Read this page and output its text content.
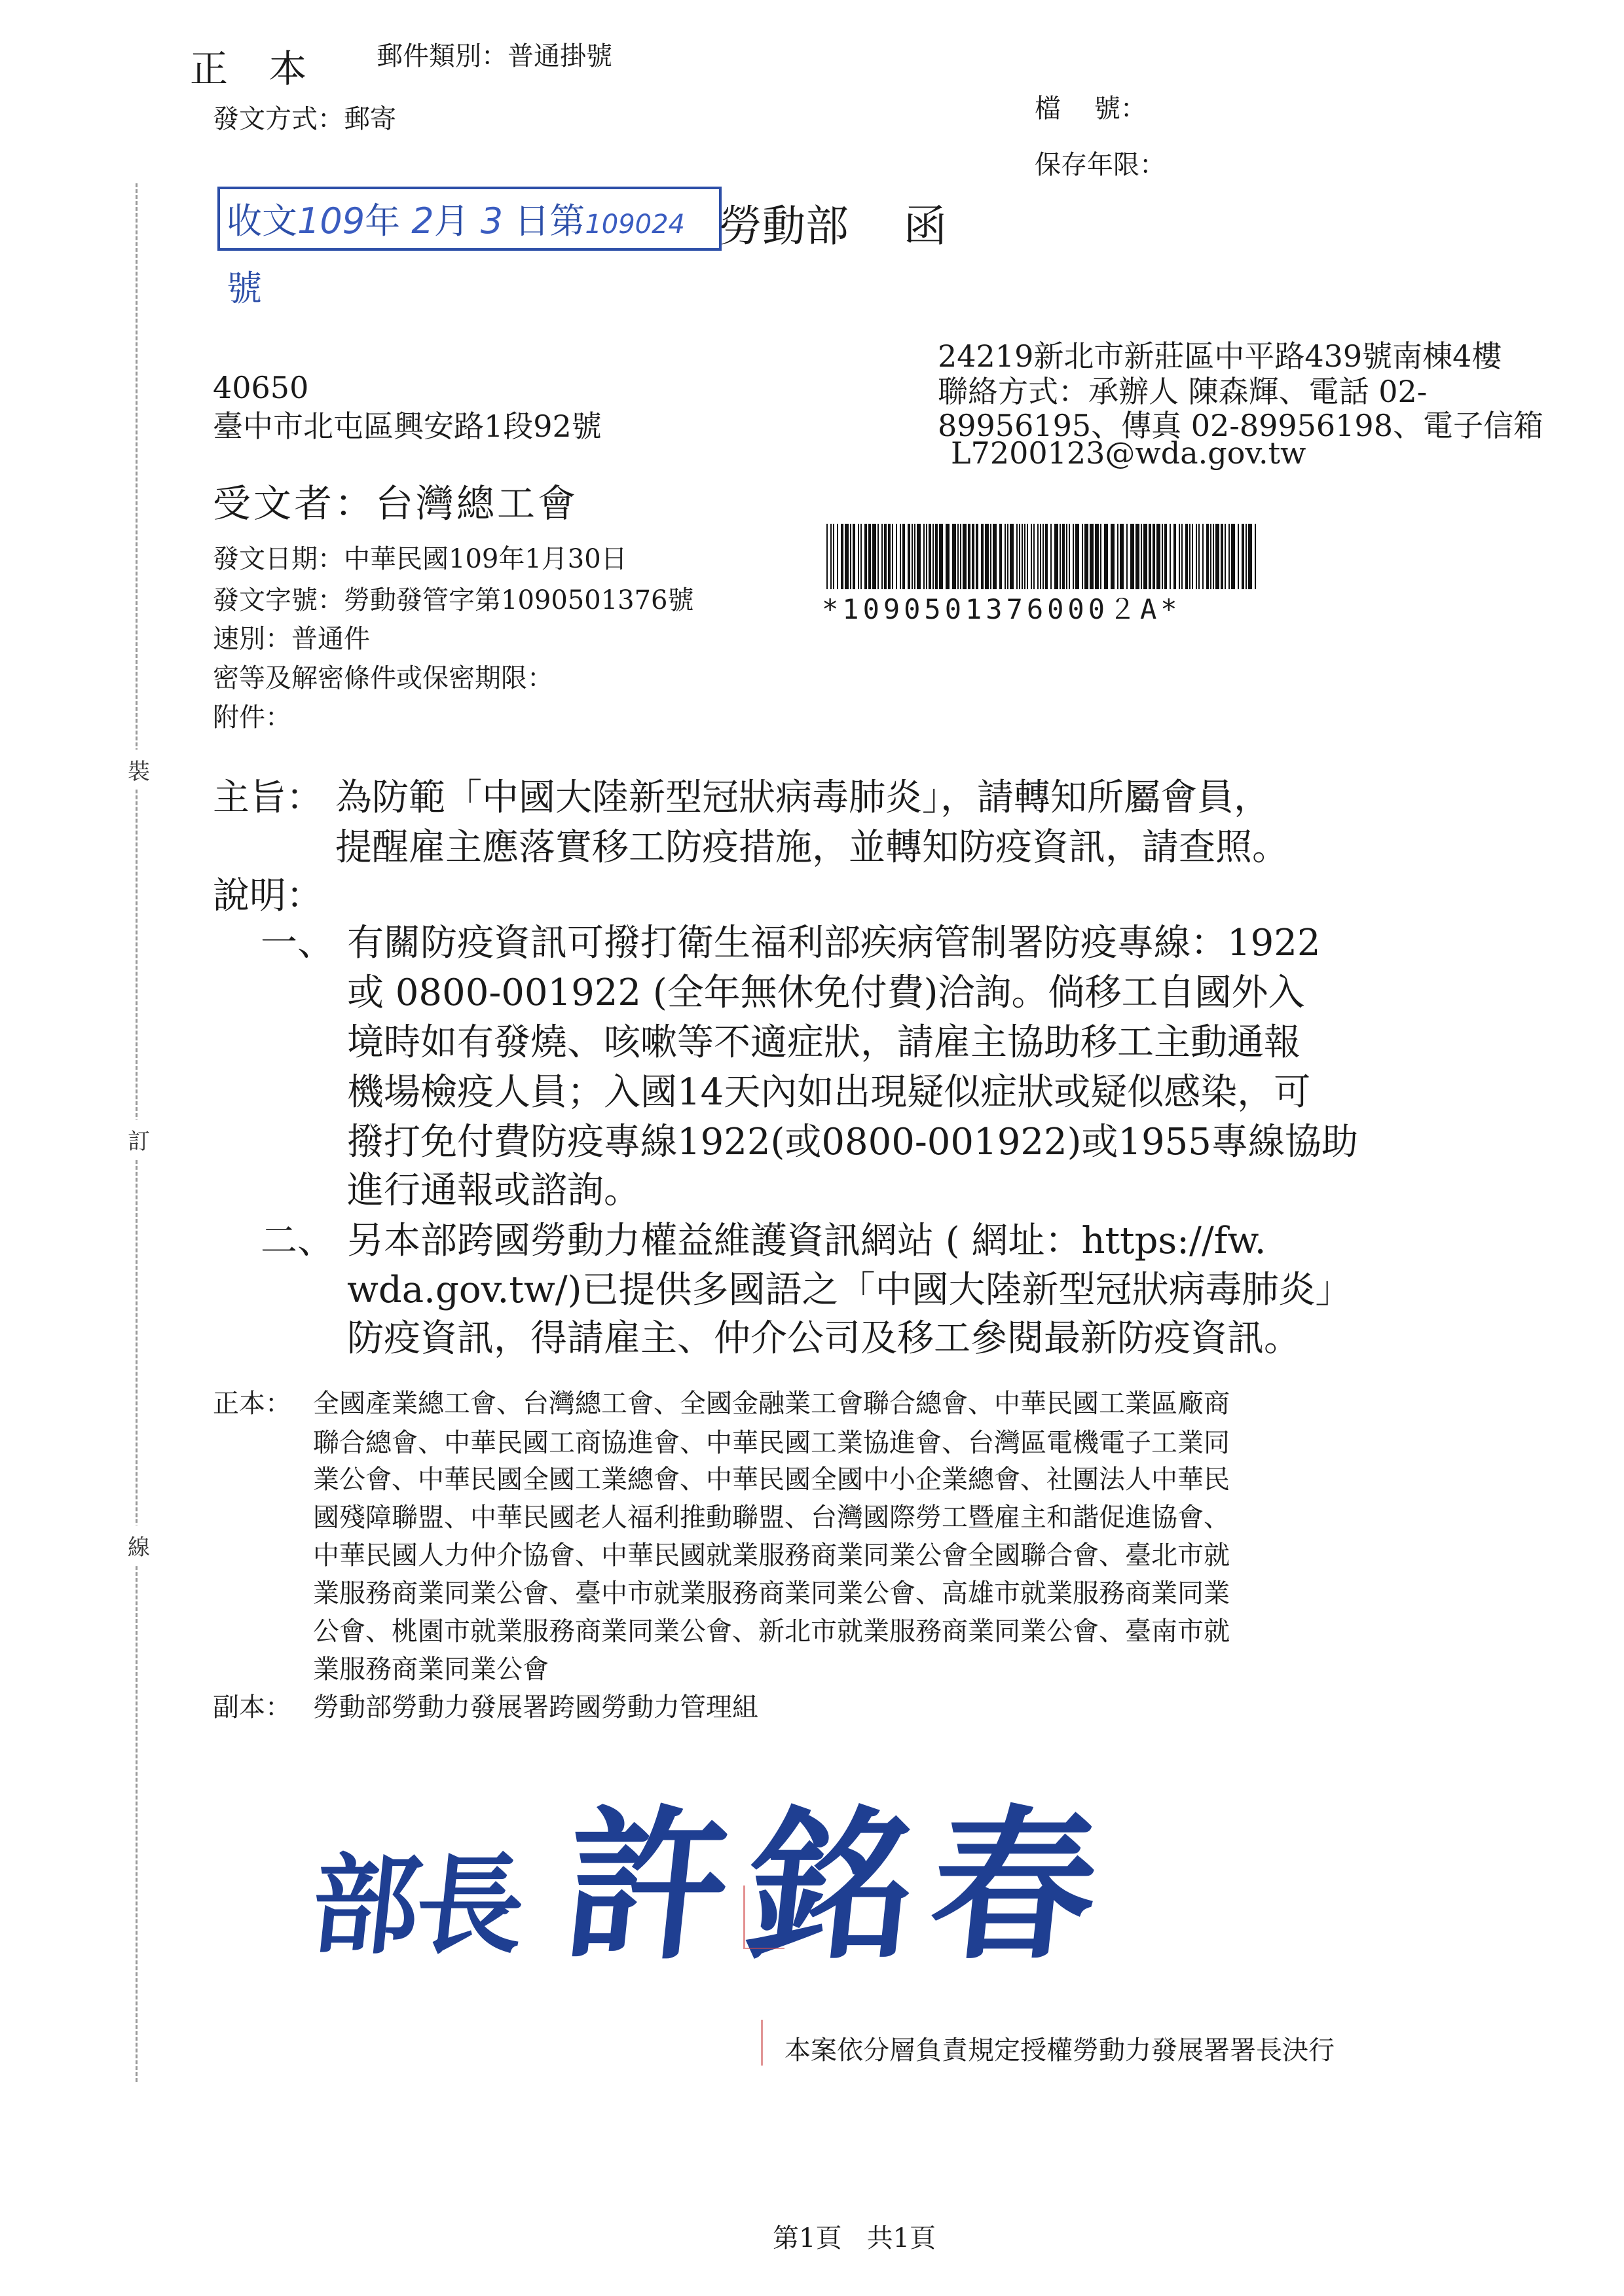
正 本 郵件類別：普通掛號
發文方式：郵寄	檔    號：
保存年限：
裝
訂
線
收文109年 2月 3 日第109024號
勞動部    函
24219新北市新莊區中平路439號南棟4樓
聯絡方式：承辦人 陳森輝、電話 02-
89956195、傳真 02-89956198、電子信箱
L7200123@wda.gov.tw
40650
臺中市北屯區興安路1段92號
受文者：台灣總工會
發文日期：中華民國109年1月30日
發文字號：勞動發管字第1090501376號
速別：普通件
密等及解密條件或保密期限：
附件：
*1090501376000２A*
主旨： 為防範「中國大陸新型冠狀病毒肺炎」，請轉知所屬會員，
提醒雇主應落實移工防疫措施，並轉知防疫資訊，請查照。
說明：
一、 有關防疫資訊可撥打衛生福利部疾病管制署防疫專線：1922
或 0800-001922 (全年無休免付費)洽詢。倘移工自國外入
境時如有發燒、咳嗽等不適症狀，請雇主協助移工主動通報
機場檢疫人員；入國14天內如出現疑似症狀或疑似感染，可
撥打免付費防疫專線1922(或0800-001922)或1955專線協助
進行通報或諮詢。
二、 另本部跨國勞動力權益維護資訊網站 ( 網址：https://fw.
wda.gov.tw/)已提供多國語之「中國大陸新型冠狀病毒肺炎」
防疫資訊，得請雇主、仲介公司及移工參閱最新防疫資訊。
正本： 全國產業總工會、台灣總工會、全國金融業工會聯合總會、中華民國工業區廠商
聯合總會、中華民國工商協進會、中華民國工業協進會、台灣區電機電子工業同
業公會、中華民國全國工業總會、中華民國全國中小企業總會、社團法人中華民
國殘障聯盟、中華民國老人福利推動聯盟、台灣國際勞工暨雇主和諧促進協會、
中華民國人力仲介協會、中華民國就業服務商業同業公會全國聯合會、臺北市就
業服務商業同業公會、臺中市就業服務商業同業公會、高雄市就業服務商業同業
公會、桃園市就業服務商業同業公會、新北市就業服務商業同業公會、臺南市就
業服務商業同業公會
副本： 勞動部勞動力發展署跨國勞動力管理組
部長 許銘春
本案依分層負責規定授權勞動力發展署署長決行
第1頁   共1頁
